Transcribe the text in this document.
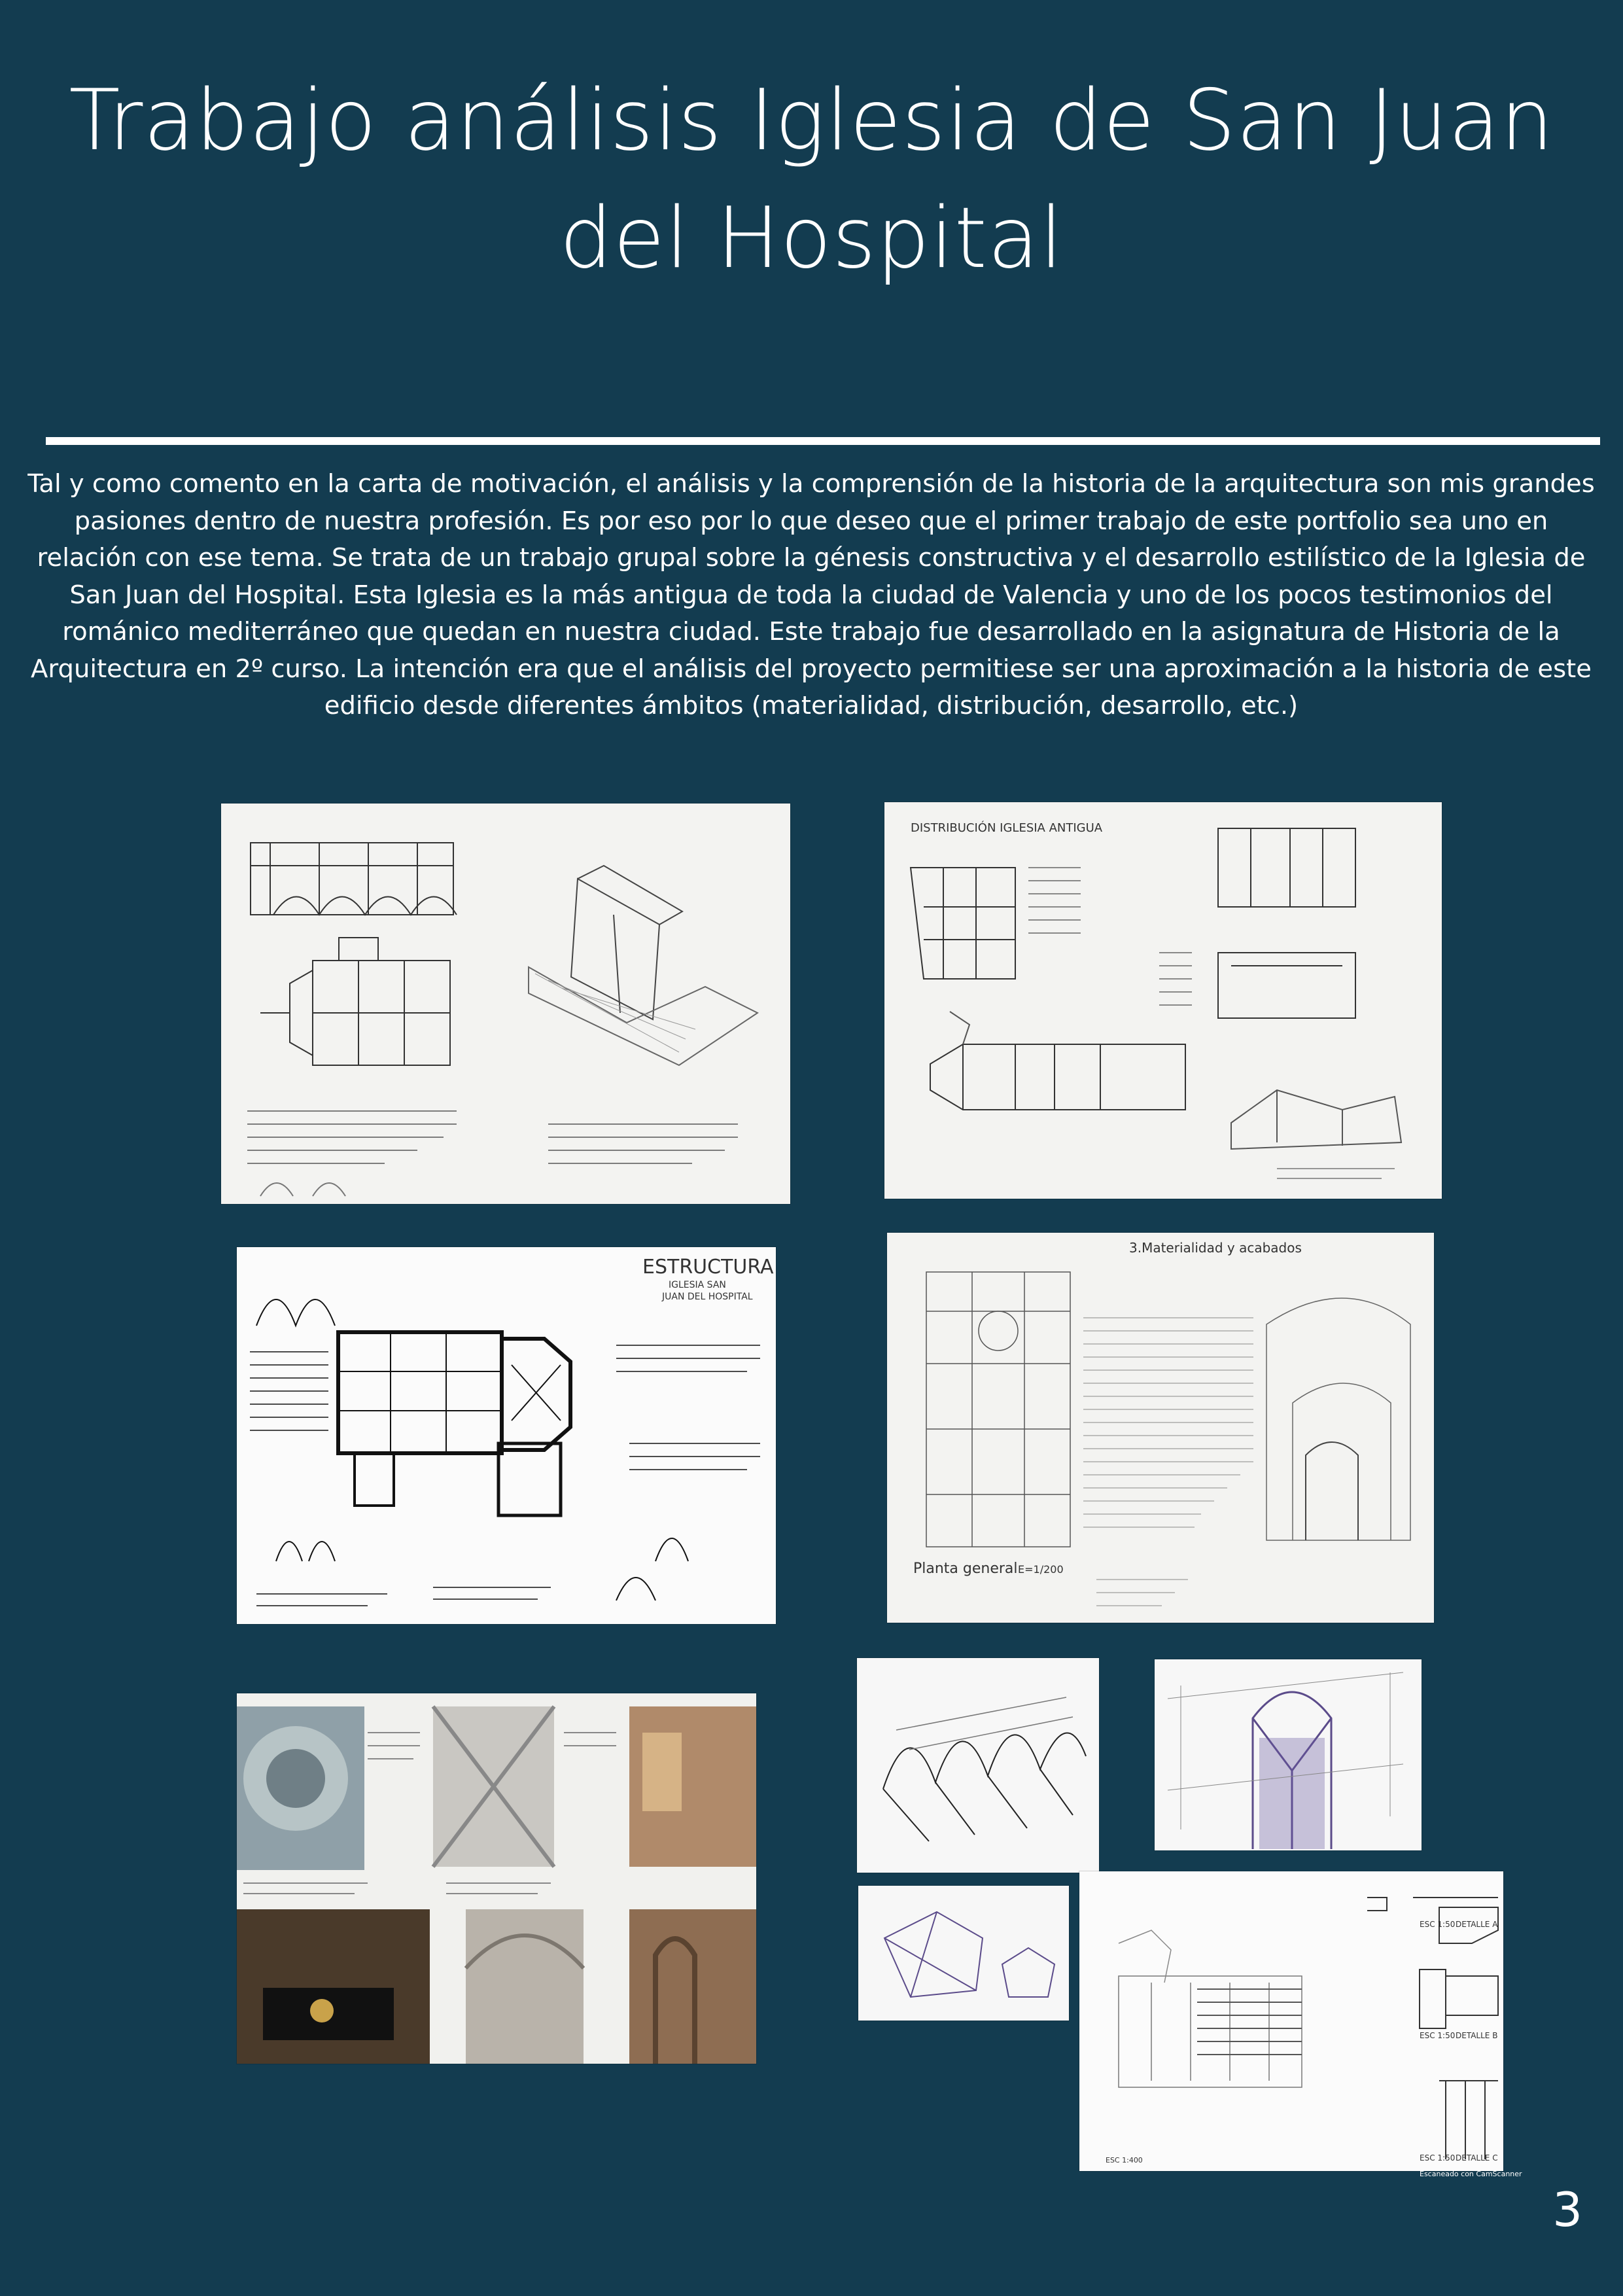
Trabajo análisis Iglesia de San Juan del Hospital
Tal y como comento en la carta de motivación, el análisis y la comprensión de la historia de la arquitectura son mis grandes pasiones dentro de nuestra profesión. Es por eso por lo que deseo que el primer trabajo de este portfolio sea uno en relación con ese tema. Se trata de un trabajo grupal sobre la génesis constructiva y el desarrollo estilístico de la Iglesia de San Juan del Hospital. Esta Iglesia es la más antigua de toda la ciudad de Valencia y uno de los pocos testimonios del románico mediterráneo que quedan en nuestra ciudad. Este trabajo fue desarrollado en la asignatura de Historia de la Arquitectura en 2º curso. La intención era que el análisis del proyecto permitiese ser una aproximación a la historia de este edificio desde diferentes ámbitos (materialidad, distribución, desarrollo, etc.)
DISTRIBUCIÓN IGLESIA ANTIGUA
ESTRUCTURA
IGLESIA SAN
JUAN DEL HOSPITAL
3.Materialidad y acabados
Planta general E=1/200
ESC 1:50 DETALLE A
ESC 1:50 DETALLE B
ESC 1:400	ESC 1:50 DETALLE C
Escaneado con CamScanner
3
